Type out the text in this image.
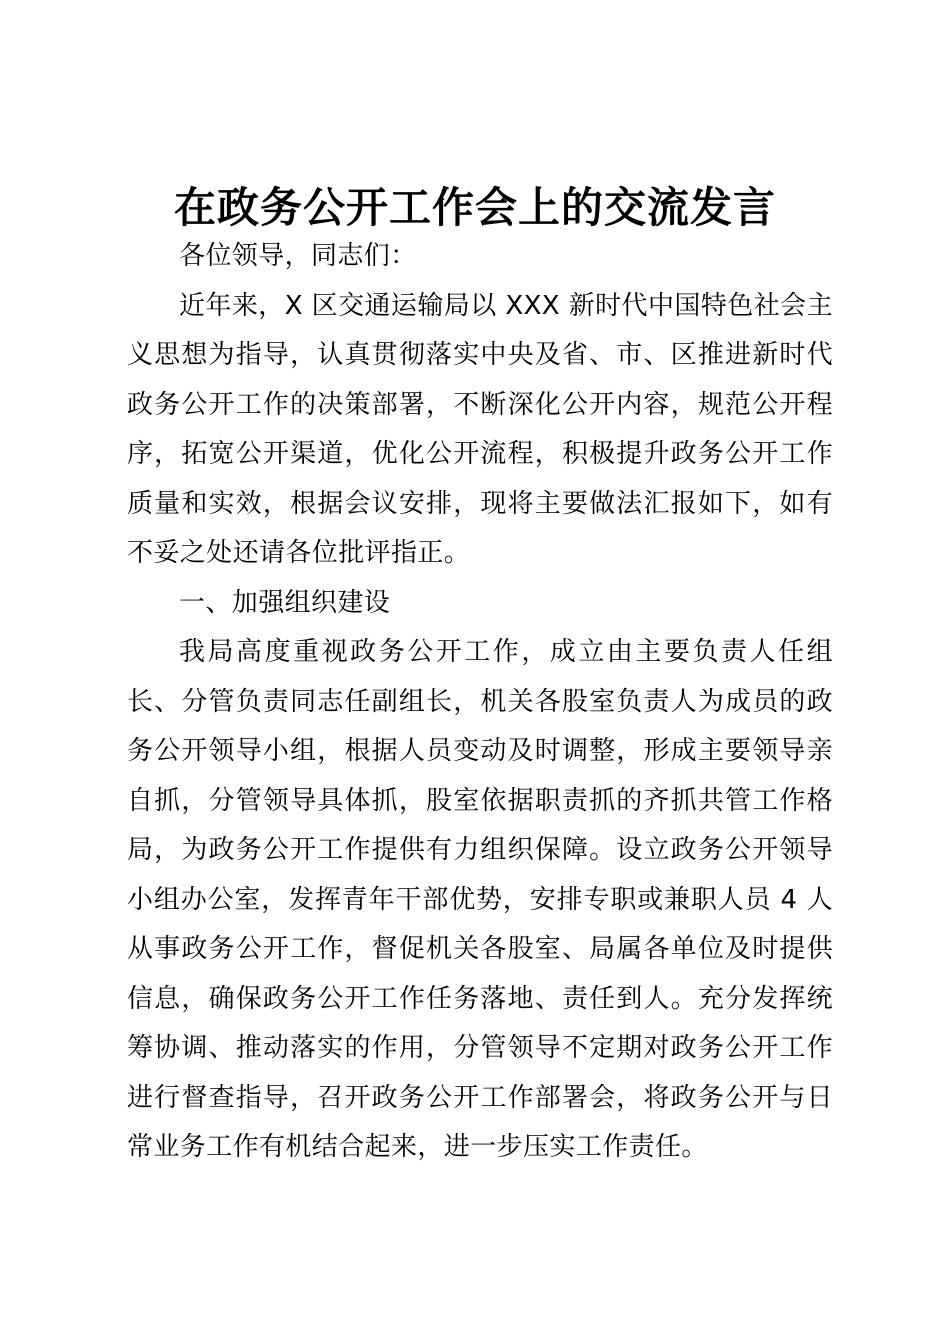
在政务公开工作会上的交流发言

各位领导，同志们：

近年来，X 区交通运输局以 XXX 新时代中国特色社会主义思想为指导，认真贯彻落实中央及省、市、区推进新时代政务公开工作的决策部署，不断深化公开内容，规范公开程序，拓宽公开渠道，优化公开流程，积极提升政务公开工作质量和实效，根据会议安排，现将主要做法汇报如下，如有不妥之处还请各位批评指正。

一、加强组织建设

我局高度重视政务公开工作，成立由主要负责人任组长、分管负责同志任副组长，机关各股室负责人为成员的政务公开领导小组，根据人员变动及时调整，形成主要领导亲自抓，分管领导具体抓，股室依据职责抓的齐抓共管工作格局，为政务公开工作提供有力组织保障。设立政务公开领导小组办公室，发挥青年干部优势，安排专职或兼职人员 4 人从事政务公开工作，督促机关各股室、局属各单位及时提供信息，确保政务公开工作任务落地、责任到人。充分发挥统筹协调、推动落实的作用，分管领导不定期对政务公开工作进行督查指导，召开政务公开工作部署会，将政务公开与日常业务工作有机结合起来，进一步压实工作责任。
